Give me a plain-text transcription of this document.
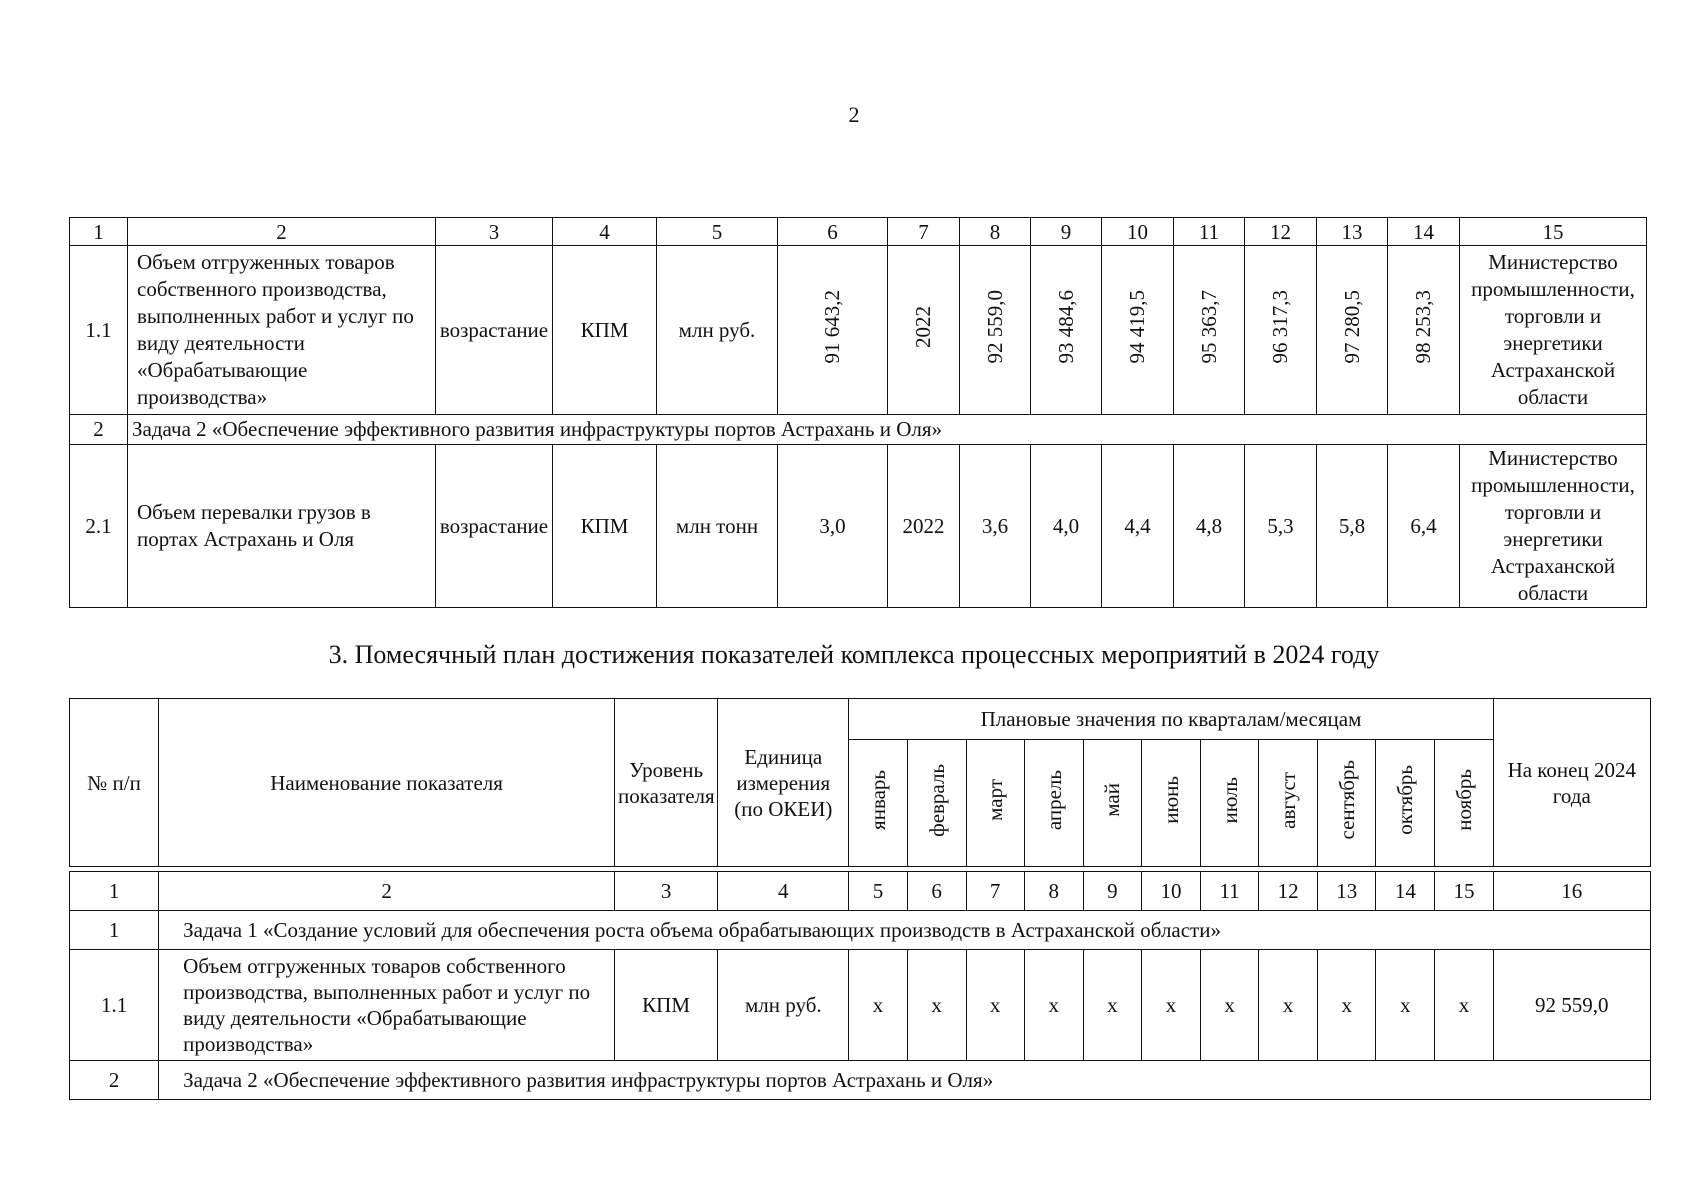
2
1	2	3	4	5	6	7	8	9	10	11	12	13	14	15
1.1	Объем отгруженных товаров собственного производства, выполненных работ и услуг по виду деятельности «Обрабатывающие производства»	возрастание	КПМ	млн руб.	91 643,2	2022	92 559,0	93 484,6	94 419,5	95 363,7	96 317,3	97 280,5	98 253,3	Министерство промышленности, торговли и энергетики Астраханской области
2	Задача 2 «Обеспечение эффективного развития инфраструктуры портов Астрахань и Оля»													
2.1	Объем перевалки грузов в портах Астрахань и Оля	возрастание	КПМ	млн тонн	3,0	2022	3,6	4,0	4,4	4,8	5,3	5,8	6,4	Министерство промышленности, торговли и энергетики Астраханской области
3. Помесячный план достижения показателей комплекса процессных мероприятий в 2024 году
№ п/п	Наименование показателя	Уровень показателя	Единица измерения (по ОКЕИ)	Плановые значения по кварталам/месяцам											На конец 2024 года
				январь	февраль	март	апрель	май	июнь	июль	август	сентябрь	октябрь	ноябрь	

1	2	3	4	5	6	7	8	9	10	11	12	13	14	15	16
1	Задача 1 «Создание условий для обеспечения роста объема обрабатывающих производств в Астраханской области»														
1.1	Объем отгруженных товаров собственного производства, выполненных работ и услуг по виду деятельности «Обрабатывающие производства»	КПМ	млн руб.	х	х	х	х	х	х	х	х	х	х	х	92 559,0
2	Задача 2 «Обеспечение эффективного развития инфраструктуры портов Астрахань и Оля»														
